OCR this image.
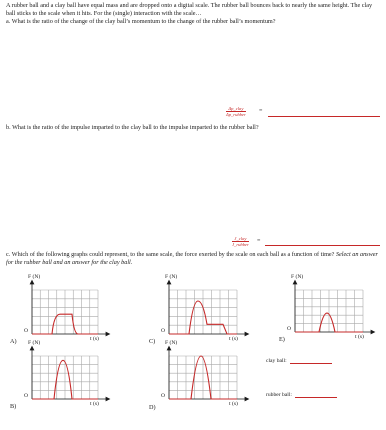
A rubber ball and a clay ball have equal mass and are dropped onto a digital scale. The rubber ball bounces back to nearly the same height. The clay ball sticks to the scale when it hits. For the (single) interaction with the scale…
a. What is the ratio of the change of the clay ball’s momentum to the change of the rubber ball’s momentum?
Δp_clay
Δp_rubber
=
b. What is the ratio of the impulse imparted to the clay ball to the impulse imparted to the rubber ball?
J_clay
J_rubber
=
c. Which of the following graphs could represent, to the same scale, the force exerted by the scale on each ball as a function of time? Select an answer for the rubber ball and an answer for the clay ball.
F (N)
t (s)
O
F (N)
t (s)
O
F (N)
t (s)
O
F (N)
t (s)
O
F (N)
t (s)
O
A)
B)
C)
D)
E)
clay ball:
rubber ball:
